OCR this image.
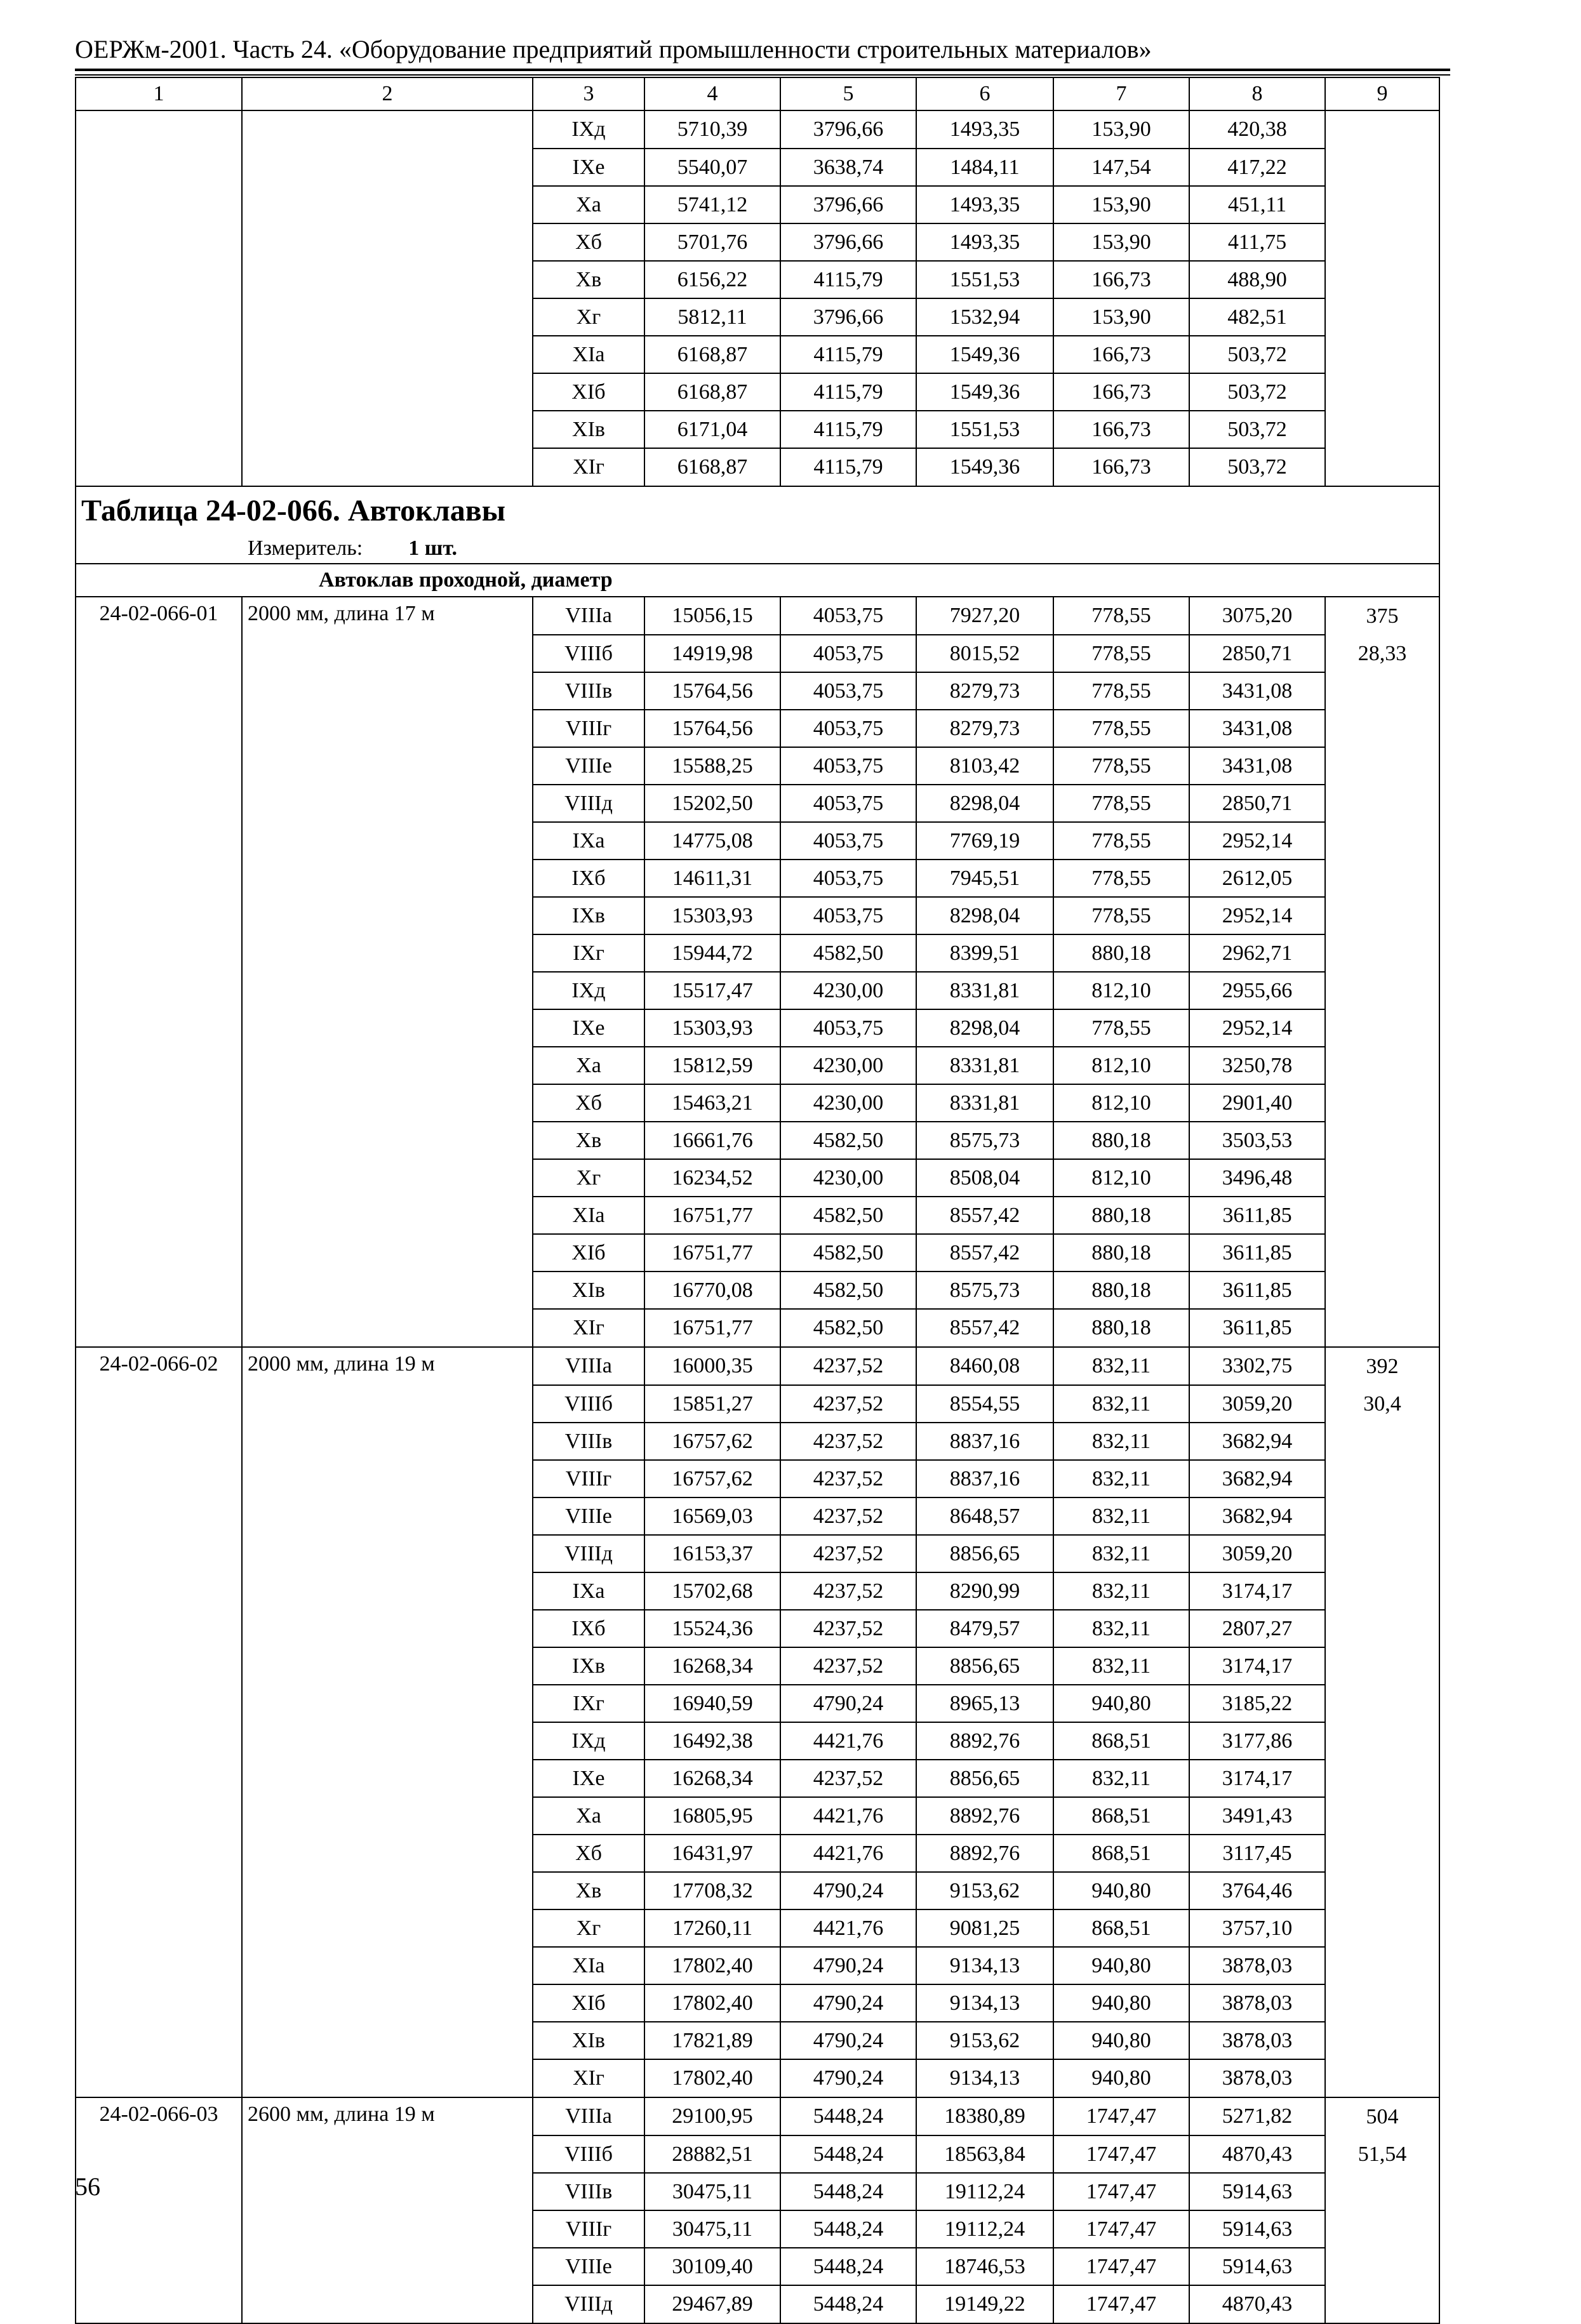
ОЕРЖм-2001. Часть 24. «Оборудование предприятий промышленности строительных материалов»
1	2	3	4	5	6	7	8	9
		IXд	5710,39	3796,66	1493,35	153,90	420,38	
		IXе	5540,07	3638,74	1484,11	147,54	417,22	
		Xа	5741,12	3796,66	1493,35	153,90	451,11	
		Xб	5701,76	3796,66	1493,35	153,90	411,75	
		Xв	6156,22	4115,79	1551,53	166,73	488,90	
		Xг	5812,11	3796,66	1532,94	153,90	482,51	
		XIа	6168,87	4115,79	1549,36	166,73	503,72	
		XIб	6168,87	4115,79	1549,36	166,73	503,72	
		XIв	6171,04	4115,79	1551,53	166,73	503,72	
		XIг	6168,87	4115,79	1549,36	166,73	503,72	

Таблица 24-02-066. Автоклавы
Измеритель: 1 шт.								

Автоклав проходной, диаметр								
24-02-066-01	2000 мм, длина 17 м	VIIIа	15056,15	4053,75	7927,20	778,55	3075,20	375
		VIIIб	14919,98	4053,75	8015,52	778,55	2850,71	28,33
		VIIIв	15764,56	4053,75	8279,73	778,55	3431,08	
		VIIIг	15764,56	4053,75	8279,73	778,55	3431,08	
		VIIIе	15588,25	4053,75	8103,42	778,55	3431,08	
		VIIIд	15202,50	4053,75	8298,04	778,55	2850,71	
		IXа	14775,08	4053,75	7769,19	778,55	2952,14	
		IXб	14611,31	4053,75	7945,51	778,55	2612,05	
		IXв	15303,93	4053,75	8298,04	778,55	2952,14	
		IXг	15944,72	4582,50	8399,51	880,18	2962,71	
		IXд	15517,47	4230,00	8331,81	812,10	2955,66	
		IXе	15303,93	4053,75	8298,04	778,55	2952,14	
		Xа	15812,59	4230,00	8331,81	812,10	3250,78	
		Xб	15463,21	4230,00	8331,81	812,10	2901,40	
		Xв	16661,76	4582,50	8575,73	880,18	3503,53	
		Xг	16234,52	4230,00	8508,04	812,10	3496,48	
		XIа	16751,77	4582,50	8557,42	880,18	3611,85	
		XIб	16751,77	4582,50	8557,42	880,18	3611,85	
		XIв	16770,08	4582,50	8575,73	880,18	3611,85	
		XIг	16751,77	4582,50	8557,42	880,18	3611,85	
24-02-066-02	2000 мм, длина 19 м	VIIIа	16000,35	4237,52	8460,08	832,11	3302,75	392
		VIIIб	15851,27	4237,52	8554,55	832,11	3059,20	30,4
		VIIIв	16757,62	4237,52	8837,16	832,11	3682,94	
		VIIIг	16757,62	4237,52	8837,16	832,11	3682,94	
		VIIIе	16569,03	4237,52	8648,57	832,11	3682,94	
		VIIIд	16153,37	4237,52	8856,65	832,11	3059,20	
		IXа	15702,68	4237,52	8290,99	832,11	3174,17	
		IXб	15524,36	4237,52	8479,57	832,11	2807,27	
		IXв	16268,34	4237,52	8856,65	832,11	3174,17	
		IXг	16940,59	4790,24	8965,13	940,80	3185,22	
		IXд	16492,38	4421,76	8892,76	868,51	3177,86	
		IXе	16268,34	4237,52	8856,65	832,11	3174,17	
		Xа	16805,95	4421,76	8892,76	868,51	3491,43	
		Xб	16431,97	4421,76	8892,76	868,51	3117,45	
		Xв	17708,32	4790,24	9153,62	940,80	3764,46	
		Xг	17260,11	4421,76	9081,25	868,51	3757,10	
		XIа	17802,40	4790,24	9134,13	940,80	3878,03	
		XIб	17802,40	4790,24	9134,13	940,80	3878,03	
		XIв	17821,89	4790,24	9153,62	940,80	3878,03	
		XIг	17802,40	4790,24	9134,13	940,80	3878,03	
24-02-066-03	2600 мм, длина 19 м	VIIIа	29100,95	5448,24	18380,89	1747,47	5271,82	504
		VIIIб	28882,51	5448,24	18563,84	1747,47	4870,43	51,54
		VIIIв	30475,11	5448,24	19112,24	1747,47	5914,63	
		VIIIг	30475,11	5448,24	19112,24	1747,47	5914,63	
		VIIIе	30109,40	5448,24	18746,53	1747,47	5914,63	
		VIIIд	29467,89	5448,24	19149,22	1747,47	4870,43	
56
